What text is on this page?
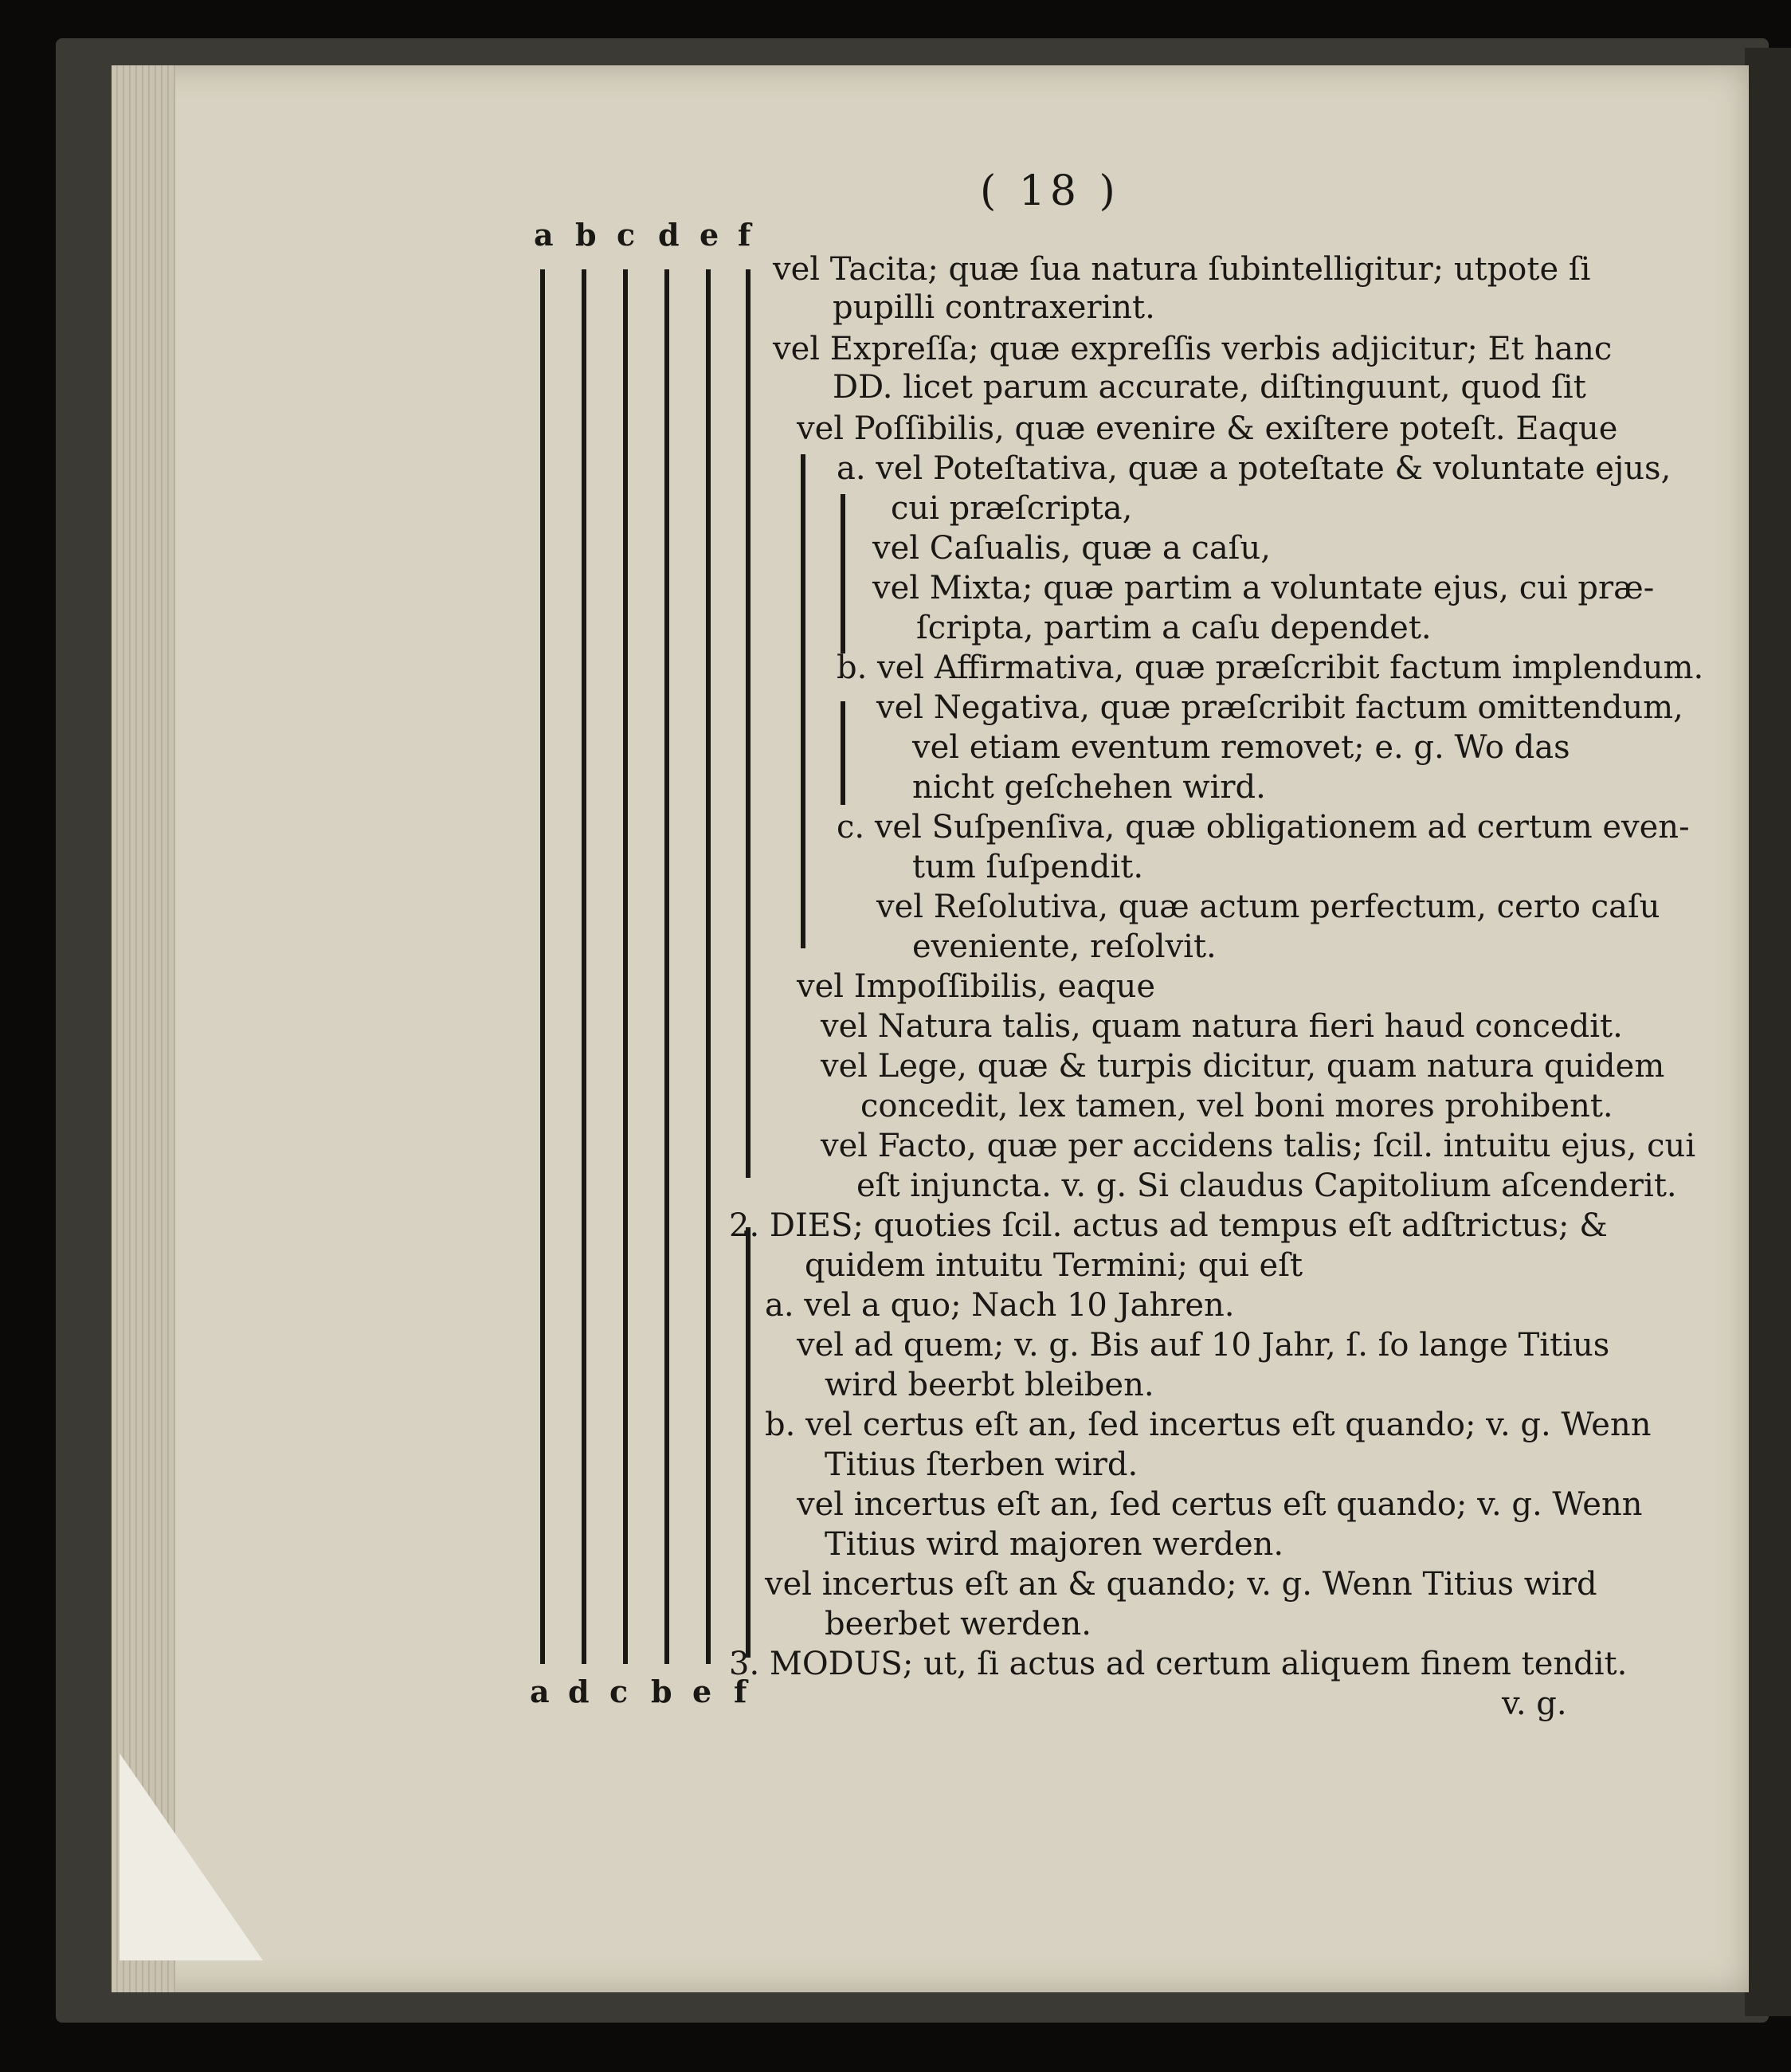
( 18 )
a b c d e f
a d c b e f
vel Tacita; quæ ſua natura ſubintelligitur; utpote ſi
pupilli contraxerint.
vel Expreſſa; quæ expreſſis verbis adjicitur; Et hanc
DD. licet parum accurate, diſtinguunt, quod ſit
vel Poſſibilis, quæ evenire & exiſtere poteſt. Eaque
a. vel Poteſtativa, quæ a poteſtate & voluntate ejus,
cui præſcripta,
vel Caſualis, quæ a caſu,
vel Mixta; quæ partim a voluntate ejus, cui præ-
ſcripta, partim a caſu dependet.
b. vel Affirmativa, quæ præſcribit factum implendum.
vel Negativa, quæ præſcribit factum omittendum,
vel etiam eventum removet; e. g. Wo das
nicht geſchehen wird.
c. vel Suſpenſiva, quæ obligationem ad certum even-
tum ſuſpendit.
vel Reſolutiva, quæ actum perfectum, certo caſu
eveniente, reſolvit.
vel Impoſſibilis, eaque
vel Natura talis, quam natura fieri haud concedit.
vel Lege, quæ & turpis dicitur, quam natura quidem
concedit, lex tamen, vel boni mores prohibent.
vel Facto, quæ per accidens talis; ſcil. intuitu ejus, cui
eſt injuncta. v. g. Si claudus Capitolium aſcenderit.
2. DIES; quoties ſcil. actus ad tempus eſt adſtrictus; &
quidem intuitu Termini; qui eſt
a. vel a quo; Nach 10 Jahren.
vel ad quem; v. g. Bis auf 10 Jahr, ſ. ſo lange Titius
wird beerbt bleiben.
b. vel certus eſt an, ſed incertus eſt quando; v. g. Wenn
Titius ſterben wird.
vel incertus eſt an, ſed certus eſt quando; v. g. Wenn
Titius wird majoren werden.
vel incertus eſt an & quando; v. g. Wenn Titius wird
beerbet werden.
3. MODUS; ut, ſi actus ad certum aliquem finem tendit.
v. g.
